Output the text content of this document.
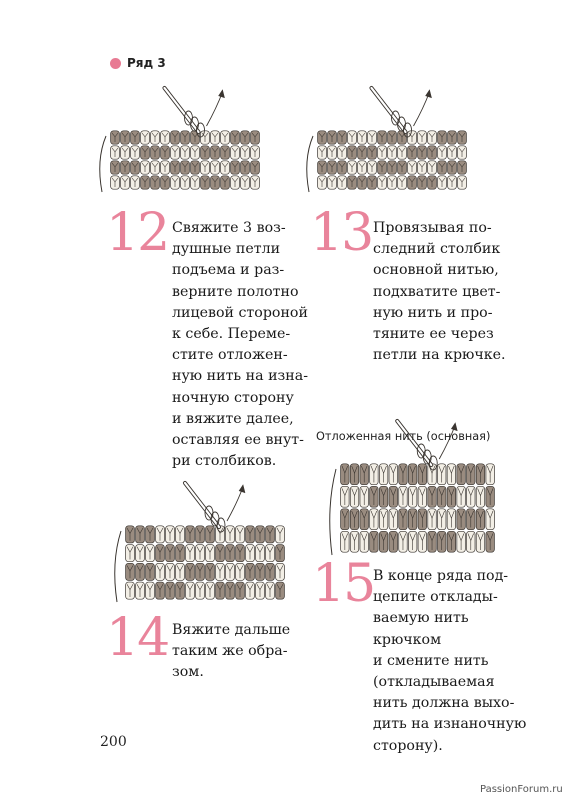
Ряд 3
12 Свяжите 3 воз-
душные петли
подъема и раз-
верните полотно
лицевой стороной
к себе. Переме-
стите отложен-
ную нить на изна-
ночную сторону
и вяжите далее,
оставляя ее внут-
ри столбиков.
13 Провязывая по-
следний столбик
основной нитью,
подхватите цвет-
ную нить и про-
тяните ее через
петли на крючке.
Отложенная нить (основная)
14 Вяжите дальше
таким же обра-
зом.
15
В конце ряда под-
цепите отклады-
ваемую нить крючком
и смените нить
(откладываемая
нить должна выхо-
дить на изнаночную
сторону).
200
PassionForum.ru
